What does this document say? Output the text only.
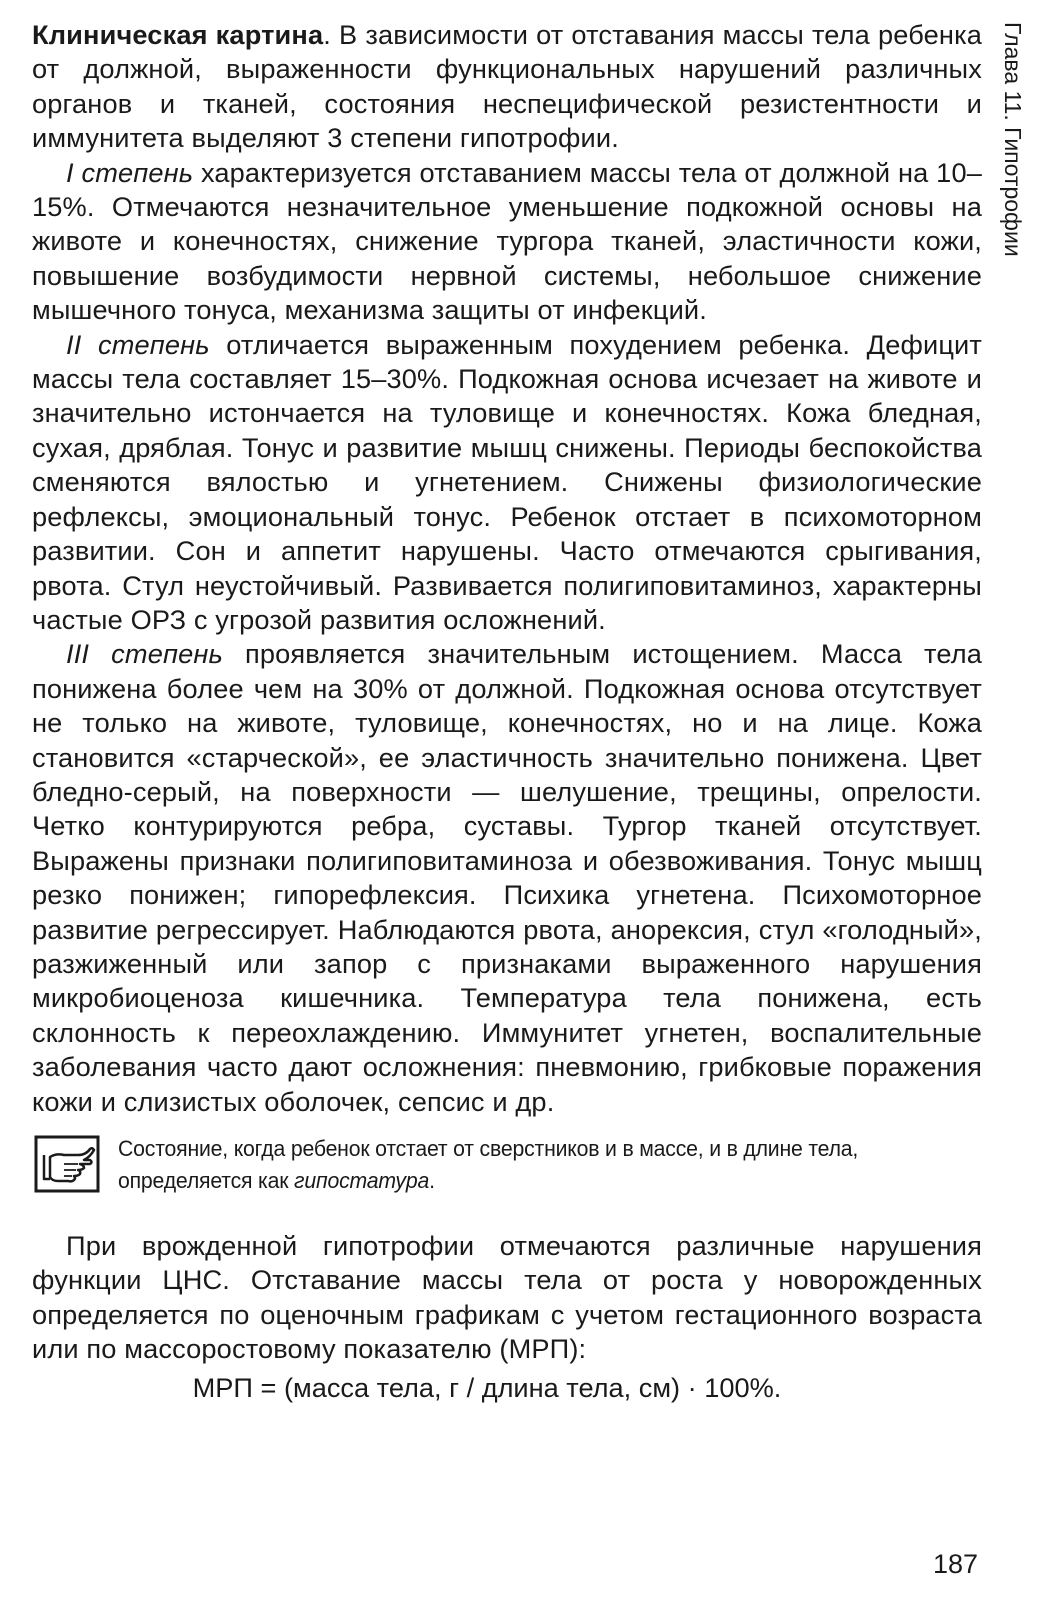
Глава 11. Гипотрофии

Клиническая картина. В зависимости от отставания массы тела ребенка от должной, выраженности функциональных нарушений различных органов и тканей, состояния неспецифической резистентности и иммунитета выделяют 3 степени гипотрофии.

I степень характеризуется отставанием массы тела от должной на 10–15%. Отмечаются незначительное уменьшение подкожной основы на животе и конечностях, снижение тургора тканей, эластичности кожи, повышение возбудимости нервной системы, небольшое снижение мышечного тонуса, механизма защиты от инфекций.

II степень отличается выраженным похудением ребенка. Дефицит массы тела составляет 15–30%. Подкожная основа исчезает на животе и значительно истончается на туловище и конечностях. Кожа бледная, сухая, дряблая. Тонус и развитие мышц снижены. Периоды беспокойства сменяются вялостью и угнетением. Снижены физиологические рефлексы, эмоциональный тонус. Ребенок отстает в психомоторном развитии. Сон и аппетит нарушены. Часто отмечаются срыгивания, рвота. Стул неустойчивый. Развивается полигиповитаминоз, характерны частые ОРЗ с угрозой развития осложнений.

III степень проявляется значительным истощением. Масса тела понижена более чем на 30% от должной. Подкожная основа отсутствует не только на животе, туловище, конечностях, но и на лице. Кожа становится «старческой», ее эластичность значительно понижена. Цвет бледно-серый, на поверхности — шелушение, трещины, опрелости. Четко контурируются ребра, суставы. Тургор тканей отсутствует. Выражены признаки полигиповитаминоза и обезвоживания. Тонус мышц резко понижен; гипорефлексия. Психика угнетена. Психомоторное развитие регрессирует. Наблюдаются рвота, анорексия, стул «голодный», разжиженный или запор с признаками выраженного нарушения микробиоценоза кишечника. Температура тела понижена, есть склонность к переохлаждению. Иммунитет угнетен, воспалительные заболевания часто дают осложнения: пневмонию, грибковые поражения кожи и слизистых оболочек, сепсис и др.

Состояние, когда ребенок отстает от сверстников и в массе, и в длине тела, определяется как гипостатура.

При врожденной гипотрофии отмечаются различные нарушения функции ЦНС. Отставание массы тела от роста у новорожденных определяется по оценочным графикам с учетом гестационного возраста или по массоростовому показателю (МРП):

МРП = (масса тела, г / длина тела, см) · 100%.

187
